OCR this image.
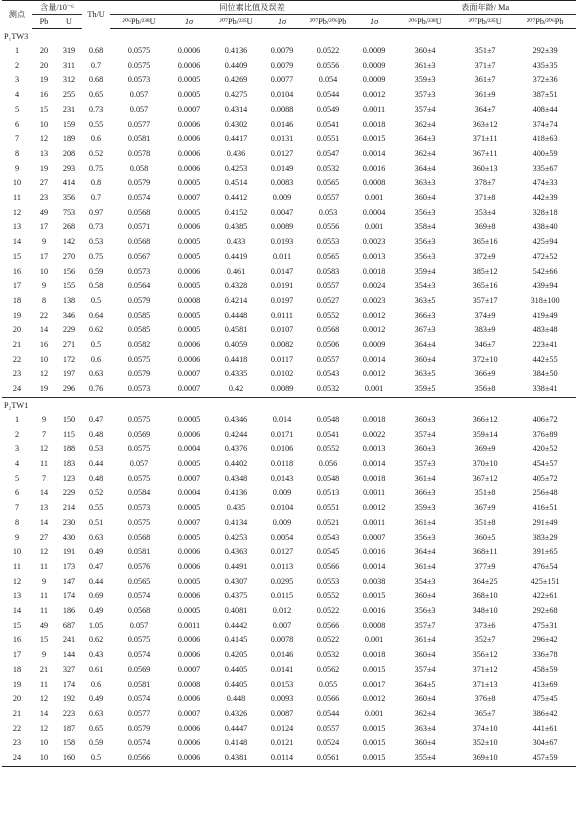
测点	含量/10⁻⁶		Th/U	同位素比值及误差						表面年龄/ Ma		
	Pb	U		²⁰⁶Pb/²³⁸U	1σ	²⁰⁷Pb/²³⁵U	1σ	²⁰⁷Pb/²⁰⁶Pb	1σ	²⁰⁶Pb/²³⁸U	²⁰⁷Pb/²³⁵U	²⁰⁷Pb/²⁰⁶Pb
P₁TW3												
1	20	319	0.68	0.0575	0.0006	0.4136	0.0079	0.0522	0.0009	360±4	351±7	292±39
2	20	311	0.7	0.0575	0.0006	0.4409	0.0079	0.0556	0.0009	361±3	371±7	435±35
3	19	312	0.68	0.0573	0.0005	0.4269	0.0077	0.054	0.0009	359±3	361±7	372±36
4	16	255	0.65	0.057	0.0005	0.4275	0.0104	0.0544	0.0012	357±3	361±9	387±51
5	15	231	0.73	0.057	0.0007	0.4314	0.0088	0.0549	0.0011	357±4	364±7	408±44
6	10	159	0.55	0.0577	0.0006	0.4302	0.0146	0.0541	0.0018	362±4	363±12	374±74
7	12	189	0.6	0.0581	0.0006	0.4417	0.0131	0.0551	0.0015	364±3	371±11	418±63
8	13	208	0.52	0.0578	0.0006	0.436	0.0127	0.0547	0.0014	362±4	367±11	400±59
9	19	293	0.75	0.058	0.0006	0.4253	0.0149	0.0532	0.0016	364±4	360±13	335±67
10	27	414	0.8	0.0579	0.0005	0.4514	0.0083	0.0565	0.0008	363±3	378±7	474±33
11	23	356	0.7	0.0574	0.0007	0.4412	0.009	0.0557	0.001	360±4	371±8	442±39
12	49	753	0.97	0.0568	0.0005	0.4152	0.0047	0.053	0.0004	356±3	353±4	328±18
13	17	268	0.73	0.0571	0.0006	0.4385	0.0089	0.0556	0.001	358±4	369±8	438±40
14	9	142	0.53	0.0568	0.0005	0.433	0.0193	0.0553	0.0023	356±3	365±16	425±94
15	17	270	0.75	0.0567	0.0005	0.4419	0.011	0.0565	0.0013	356±3	372±9	472±52
16	10	156	0.59	0.0573	0.0006	0.461	0.0147	0.0583	0.0018	359±4	385±12	542±66
17	9	155	0.58	0.0564	0.0005	0.4328	0.0191	0.0557	0.0024	354±3	365±16	439±94
18	8	138	0.5	0.0579	0.0008	0.4214	0.0197	0.0527	0.0023	363±5	357±17	318±100
19	22	346	0.64	0.0585	0.0005	0.4448	0.0111	0.0552	0.0012	366±3	374±9	419±49
20	14	229	0.62	0.0585	0.0005	0.4581	0.0107	0.0568	0.0012	367±3	383±9	483±48
21	16	271	0.5	0.0582	0.0006	0.4059	0.0082	0.0506	0.0009	364±4	346±7	223±41
22	10	172	0.6	0.0575	0.0006	0.4418	0.0117	0.0557	0.0014	360±4	372±10	442±55
23	12	197	0.63	0.0579	0.0007	0.4335	0.0102	0.0543	0.0012	363±5	366±9	384±50
24	19	296	0.76	0.0573	0.0007	0.42	0.0089	0.0532	0.001	359±5	356±8	338±41
P₂TW1												
1	9	150	0.47	0.0575	0.0005	0.4346	0.014	0.0548	0.0018	360±3	366±12	406±72
2	7	115	0.48	0.0569	0.0006	0.4244	0.0171	0.0541	0.0022	357±4	359±14	376±89
3	12	188	0.53	0.0575	0.0004	0.4376	0.0106	0.0552	0.0013	360±3	369±9	420±52
4	11	183	0.44	0.057	0.0005	0.4402	0.0118	0.056	0.0014	357±3	370±10	454±57
5	7	123	0.48	0.0575	0.0007	0.4348	0.0143	0.0548	0.0018	361±4	367±12	405±72
6	14	229	0.52	0.0584	0.0004	0.4136	0.009	0.0513	0.0011	366±3	351±8	256±48
7	13	214	0.55	0.0573	0.0005	0.435	0.0104	0.0551	0.0012	359±3	367±9	416±51
8	14	230	0.51	0.0575	0.0007	0.4134	0.009	0.0521	0.0011	361±4	351±8	291±49
9	27	430	0.63	0.0568	0.0005	0.4253	0.0054	0.0543	0.0007	356±3	360±5	383±29
10	12	191	0.49	0.0581	0.0006	0.4363	0.0127	0.0545	0.0016	364±4	368±11	391±65
11	11	173	0.47	0.0576	0.0006	0.4491	0.0113	0.0566	0.0014	361±4	377±9	476±54
12	9	147	0.44	0.0565	0.0005	0.4307	0.0295	0.0553	0.0038	354±3	364±25	425±151
13	11	174	0.69	0.0574	0.0006	0.4375	0.0115	0.0552	0.0015	360±4	368±10	422±61
14	11	186	0.49	0.0568	0.0005	0.4081	0.012	0.0522	0.0016	356±3	348±10	292±68
15	49	687	1.05	0.057	0.0011	0.4442	0.007	0.0566	0.0008	357±7	373±6	475±31
16	15	241	0.62	0.0575	0.0006	0.4145	0.0078	0.0522	0.001	361±4	352±7	296±42
17	9	144	0.43	0.0574	0.0006	0.4205	0.0146	0.0532	0.0018	360±4	356±12	336±78
18	21	327	0.61	0.0569	0.0007	0.4405	0.0141	0.0562	0.0015	357±4	371±12	458±59
19	11	174	0.6	0.0581	0.0008	0.4405	0.0153	0.055	0.0017	364±5	371±13	413±69
20	12	192	0.49	0.0574	0.0006	0.448	0.0093	0.0566	0.0012	360±4	376±8	475±45
21	14	223	0.63	0.0577	0.0007	0.4326	0.0087	0.0544	0.001	362±4	365±7	386±42
22	12	187	0.65	0.0579	0.0006	0.4447	0.0124	0.0557	0.0015	363±4	374±10	441±61
23	10	158	0.59	0.0574	0.0006	0.4148	0.0121	0.0524	0.0015	360±4	352±10	304±67
24	10	160	0.5	0.0566	0.0006	0.4381	0.0114	0.0561	0.0015	355±4	369±10	457±59
